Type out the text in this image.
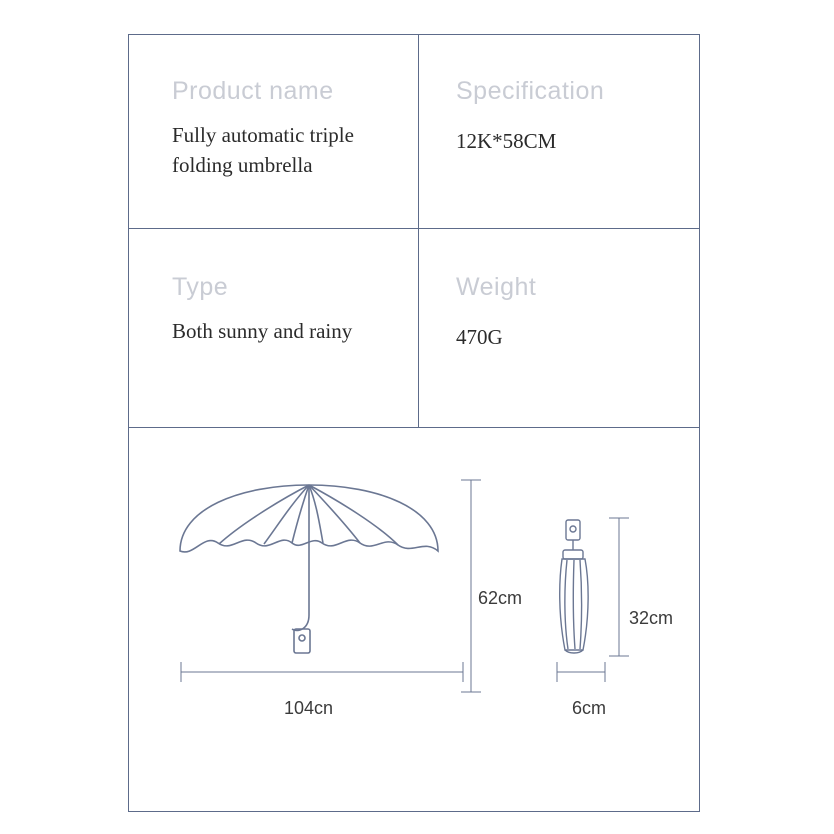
Product name
Fully automatic triple folding umbrella
Specification
12K*58CM
Type
Both sunny and rainy
Weight
470G
62cm
104cn
32cm
6cm
